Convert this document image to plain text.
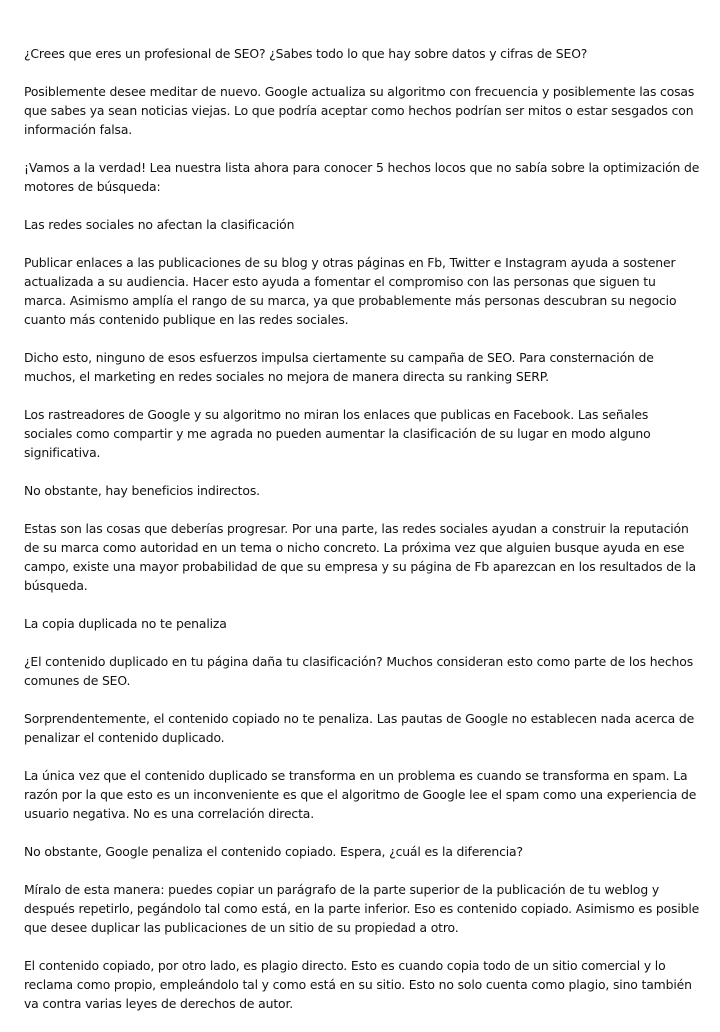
¿Crees que eres un profesional de SEO? ¿Sabes todo lo que hay sobre datos y cifras de SEO?

Posiblemente desee meditar de nuevo. Google actualiza su algoritmo con frecuencia y posiblemente las cosas que sabes ya sean noticias viejas. Lo que podría aceptar como hechos podrían ser mitos o estar sesgados con información falsa.

¡Vamos a la verdad! Lea nuestra lista ahora para conocer 5 hechos locos que no sabía sobre la optimización de motores de búsqueda:

Las redes sociales no afectan la clasificación

Publicar enlaces a las publicaciones de su blog y otras páginas en Fb, Twitter e Instagram ayuda a sostener actualizada a su audiencia. Hacer esto ayuda a fomentar el compromiso con las personas que siguen tu marca. Asimismo amplía el rango de su marca, ya que probablemente más personas descubran su negocio cuanto más contenido publique en las redes sociales.

Dicho esto, ninguno de esos esfuerzos impulsa ciertamente su campaña de SEO. Para consternación de muchos, el marketing en redes sociales no mejora de manera directa su ranking SERP.

Los rastreadores de Google y su algoritmo no miran los enlaces que publicas en Facebook. Las señales sociales como compartir y me agrada no pueden aumentar la clasificación de su lugar en modo alguno significativa.

No obstante, hay beneficios indirectos.

Estas son las cosas que deberías progresar. Por una parte, las redes sociales ayudan a construir la reputación de su marca como autoridad en un tema o nicho concreto. La próxima vez que alguien busque ayuda en ese campo, existe una mayor probabilidad de que su empresa y su página de Fb aparezcan en los resultados de la búsqueda.

La copia duplicada no te penaliza

¿El contenido duplicado en tu página daña tu clasificación? Muchos consideran esto como parte de los hechos comunes de SEO.

Sorprendentemente, el contenido copiado no te penaliza. Las pautas de Google no establecen nada acerca de penalizar el contenido duplicado.

La única vez que el contenido duplicado se transforma en un problema es cuando se transforma en spam. La razón por la que esto es un inconveniente es que el algoritmo de Google lee el spam como una experiencia de usuario negativa. No es una correlación directa.

No obstante, Google penaliza el contenido copiado. Espera, ¿cuál es la diferencia?

Míralo de esta manera: puedes copiar un parágrafo de la parte superior de la publicación de tu weblog y después repetirlo, pegándolo tal como está, en la parte inferior. Eso es contenido copiado. Asimismo es posible que desee duplicar las publicaciones de un sitio de su propiedad a otro.

El contenido copiado, por otro lado, es plagio directo. Esto es cuando copia todo de un sitio comercial y lo reclama como propio, empleándolo tal y como está en su sitio. Esto no solo cuenta como plagio, sino también va contra varias leyes de derechos de autor.
